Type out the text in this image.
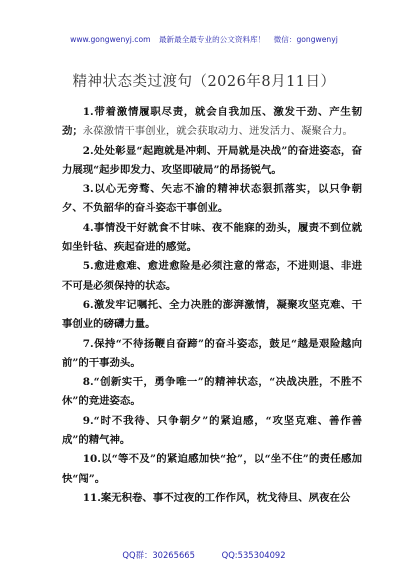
www.gongwenyj.com 最新最全最专业的公文资料库！ 微信：gongwenyj
精神状态类过渡句（2026年8月11日）

1.带着激情履职尽责，就会自我加压、激发干劲、产生韧劲；永葆激情干事创业，就会获取动力、迸发活力、凝聚合力。

2.处处彰显“起跑就是冲刺、开局就是决战”的奋进姿态，奋力展现“起步即发力、攻坚即破局”的昂扬锐气。

3.以心无旁骛、矢志不渝的精神状态狠抓落实，以只争朝夕、不负韶华的奋斗姿态干事创业。

4.事情没干好就食不甘味、夜不能寐的劲头，履责不到位就如坐针毡、疾起奋进的感觉。

5.愈进愈难、愈进愈险是必须注意的常态，不进则退、非进不可是必须保持的状态。

6.激发牢记嘱托、全力决胜的澎湃激情，凝聚攻坚克难、干事创业的磅礴力量。

7.保持“不待扬鞭自奋蹄”的奋斗姿态，鼓足“越是艰险越向前”的干事劲头。

8.“创新实干，勇争唯一”的精神状态，“决战决胜，不胜不休”的竞进姿态。

9.“时不我待、只争朝夕”的紧迫感，“攻坚克难、善作善成”的精气神。

10.以“等不及”的紧迫感加快“抢”，以“坐不住”的责任感加快“闯”。

11.案无积卷、事不过夜的工作作风，枕戈待旦、夙夜在公

QQ群：30265665	QQ:535304092
